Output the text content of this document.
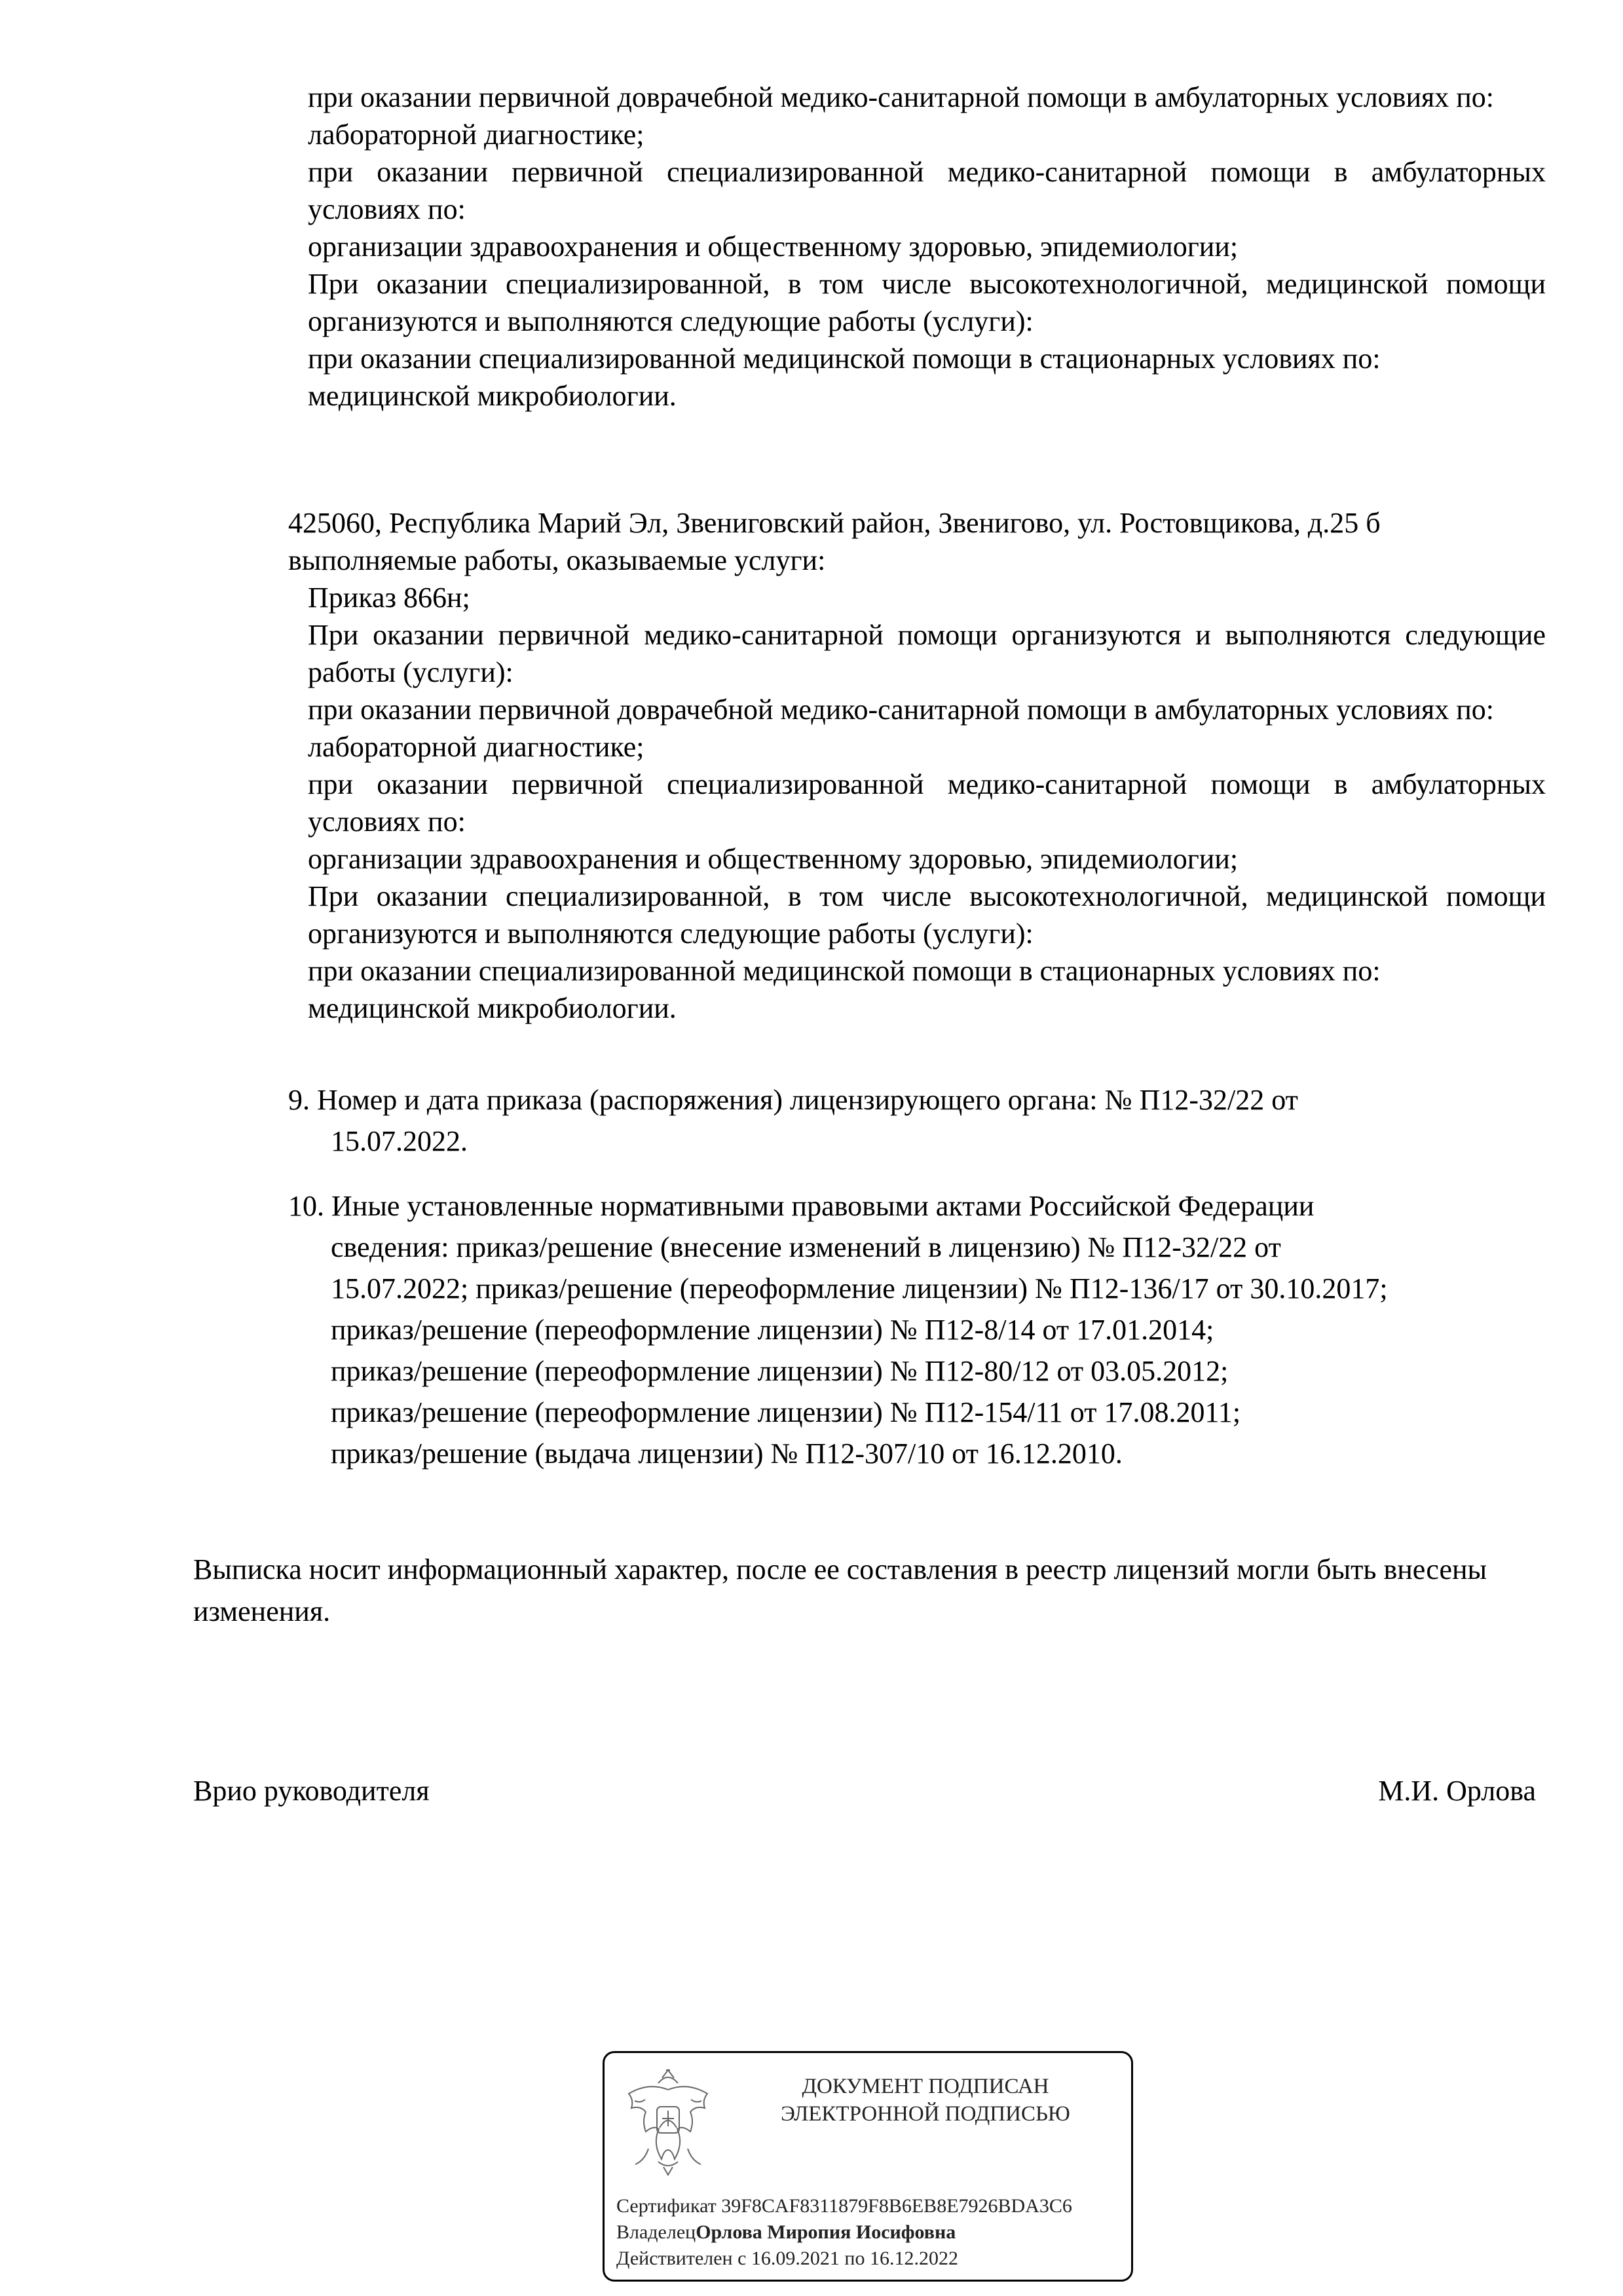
при оказании первичной доврачебной медико-санитарной помощи в амбулаторных условиях по:

лабораторной диагностике;

при оказании первичной специализированной медико-санитарной помощи в амбулаторных условиях по:

организации здравоохранения и общественному здоровью, эпидемиологии;

При оказании специализированной, в том числе высокотехнологичной, медицинской помощи организуются и выполняются следующие работы (услуги):

при оказании специализированной медицинской помощи в стационарных условиях по:

медицинской микробиологии.

425060, Республика Марий Эл, Звениговский район, Звенигово, ул. Ростовщикова, д.25 б

выполняемые работы, оказываемые услуги:

Приказ 866н;

При оказании первичной медико-санитарной помощи организуются и выполняются следующие работы (услуги):

при оказании первичной доврачебной медико-санитарной помощи в амбулаторных условиях по:

лабораторной диагностике;

при оказании первичной специализированной медико-санитарной помощи в амбулаторных условиях по:

организации здравоохранения и общественному здоровью, эпидемиологии;

При оказании специализированной, в том числе высокотехнологичной, медицинской помощи организуются и выполняются следующие работы (услуги):

при оказании специализированной медицинской помощи в стационарных условиях по:

медицинской микробиологии.

9. Номер и дата приказа (распоряжения) лицензирующего органа: № П12-32/22 от

15.07.2022.

10. Иные установленные нормативными правовыми актами Российской Федерации

сведения: приказ/решение (внесение изменений в лицензию) № П12-32/22 от

15.07.2022; приказ/решение (переоформление лицензии) № П12-136/17 от 30.10.2017;

приказ/решение (переоформление лицензии) № П12-8/14 от 17.01.2014;

приказ/решение (переоформление лицензии) № П12-80/12 от 03.05.2012;

приказ/решение (переоформление лицензии) № П12-154/11 от 17.08.2011;

приказ/решение (выдача лицензии) № П12-307/10 от 16.12.2010.

Выписка носит информационный характер, после ее составления в реестр лицензий могли быть внесены изменения.

Врио руководителя	М.И. Орлова
ДОКУМЕНТ ПОДПИСАН
ЭЛЕКТРОННОЙ ПОДПИСЬЮ
Сертификат 39F8CAF8311879F8B6EB8E7926BDA3C6
ВладелецОрлова Миропия Иосифовна
Действителен с 16.09.2021 по 16.12.2022
